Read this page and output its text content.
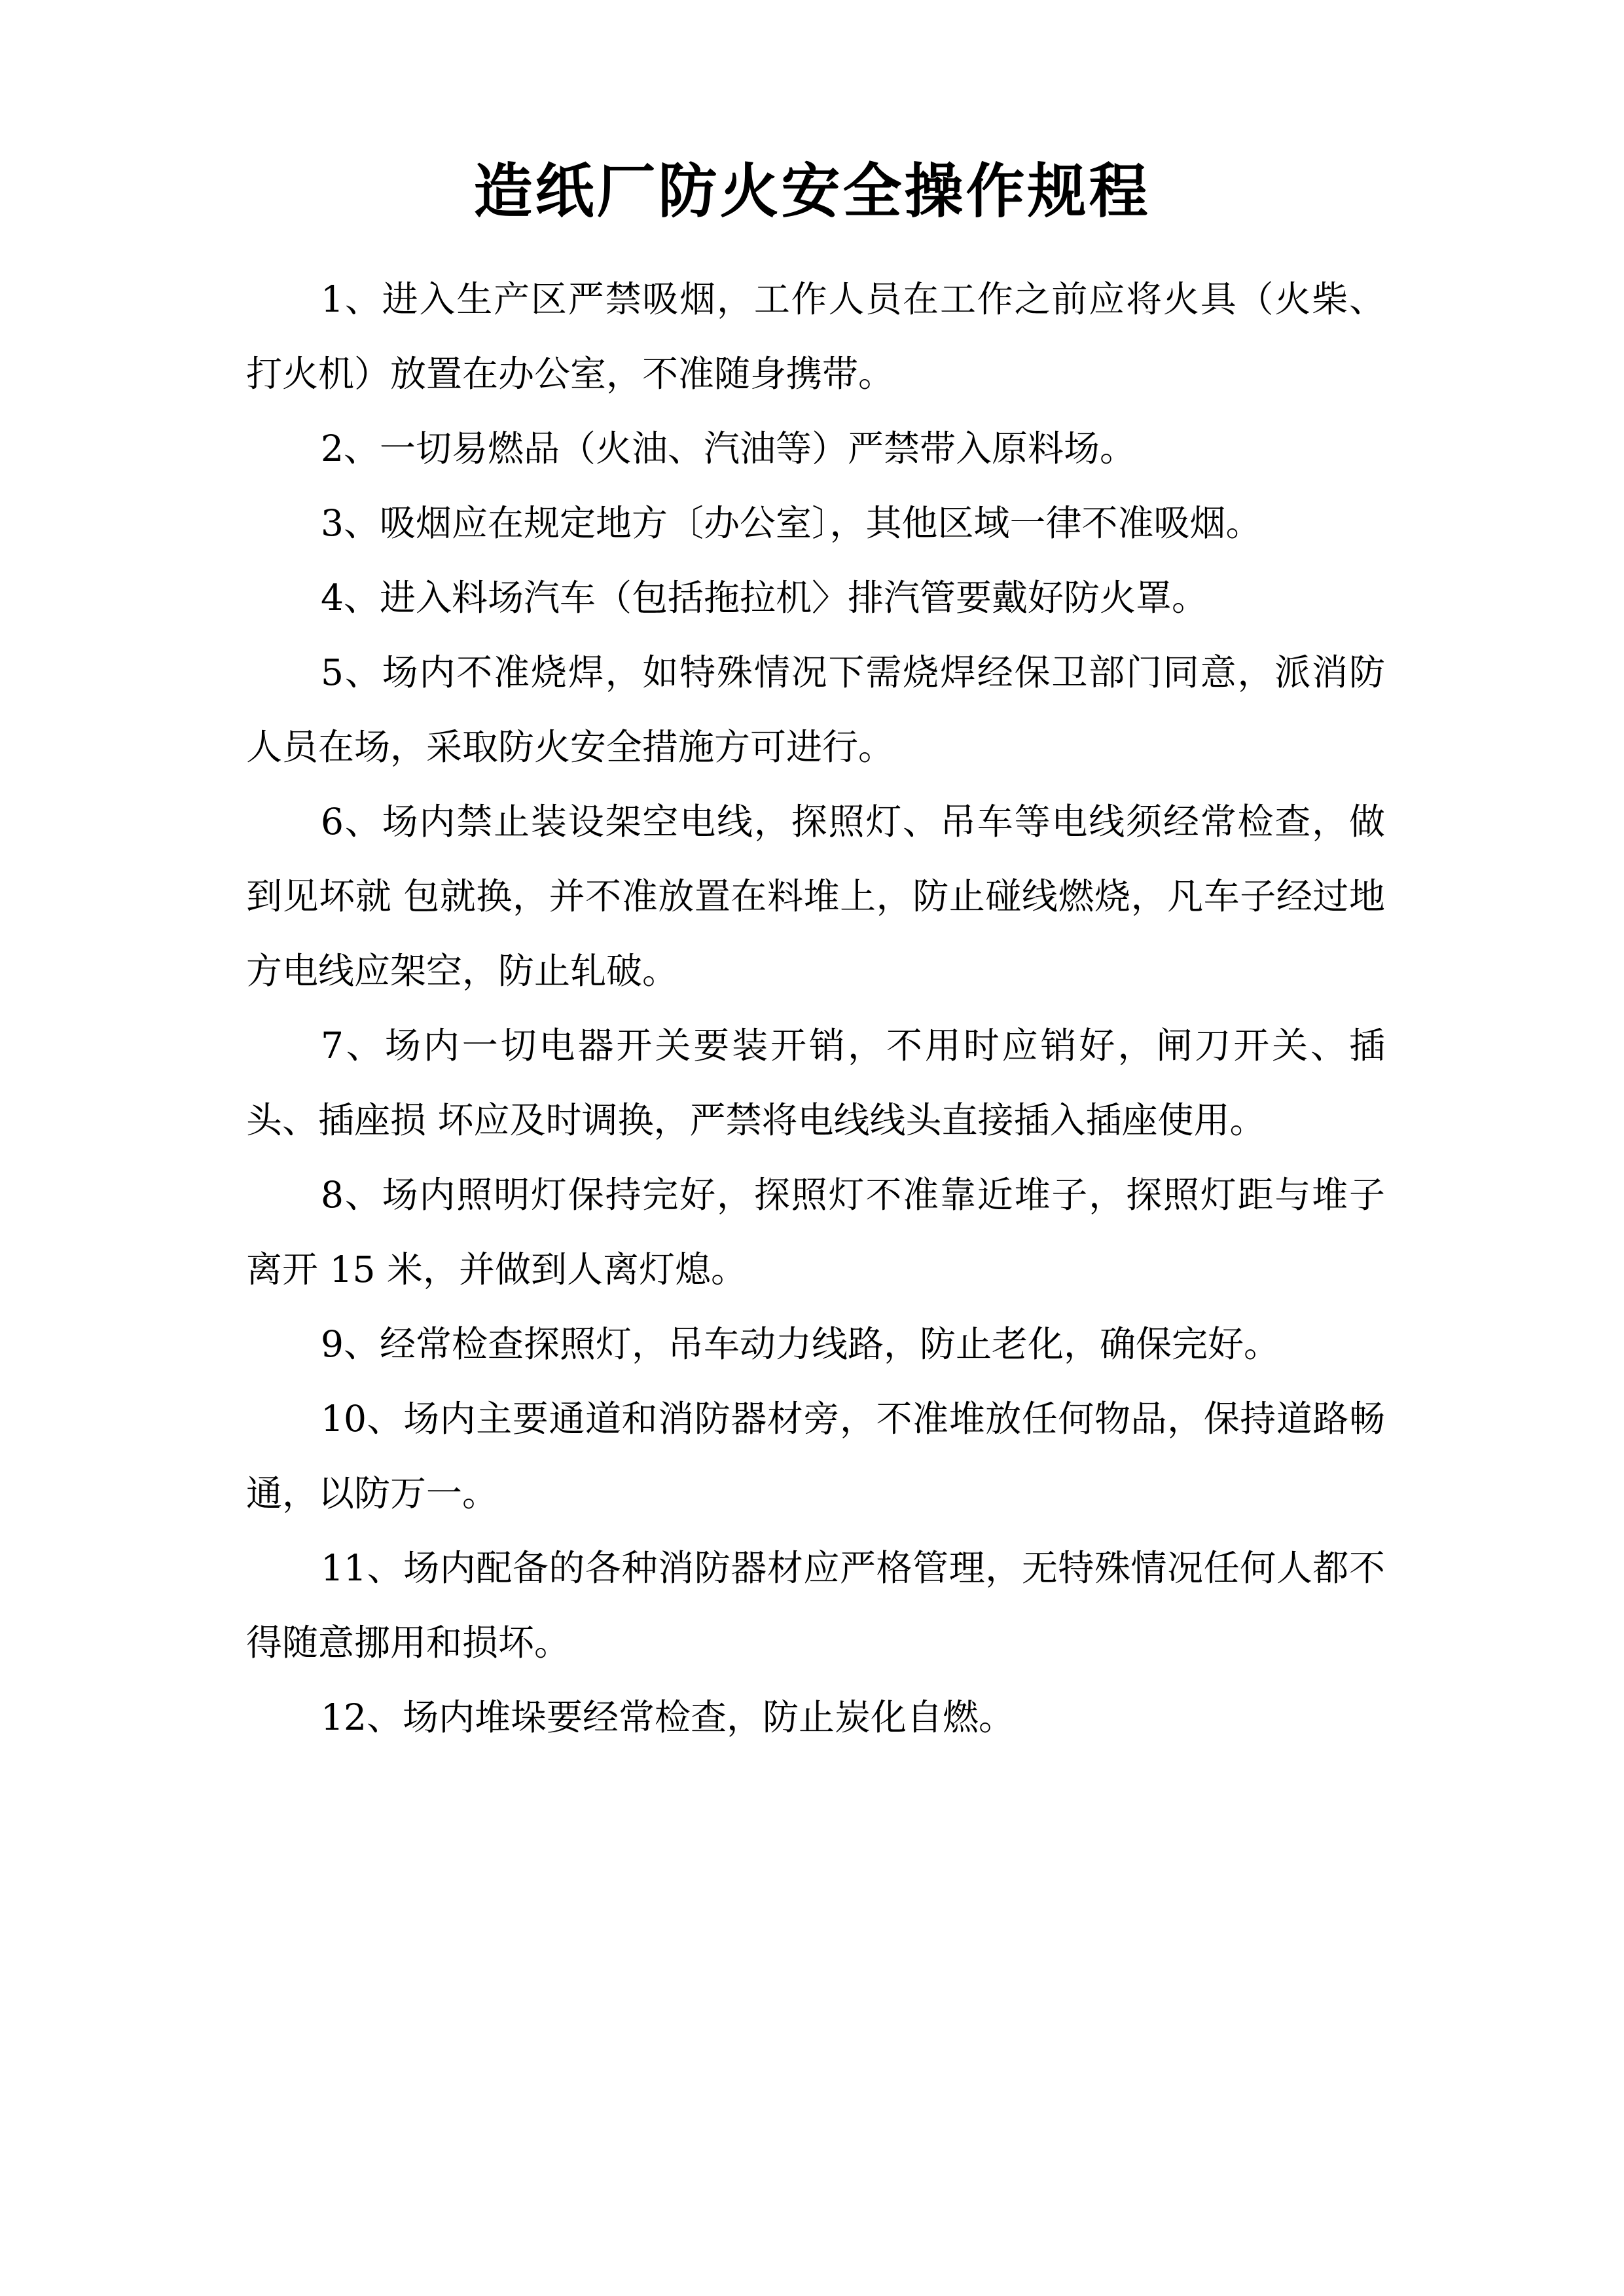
造纸厂防火安全操作规程

1、进入生产区严禁吸烟，工作人员在工作之前应将火具（火柴、打火机）放置在办公室，不准随身携带。

2、一切易燃品（火油、汽油等）严禁带入原料场。

3、吸烟应在规定地方〔办公室〕，其他区域一律不准吸烟。

4、进入料场汽车（包括拖拉机〉排汽管要戴好防火罩。

5、场内不准烧焊，如特殊情况下需烧焊经保卫部门同意，派消防人员在场，采取防火安全措施方可进行。

6、场内禁止装设架空电线，探照灯、吊车等电线须经常检查，做到见坏就 包就换，并不准放置在料堆上，防止碰线燃烧，凡车子经过地方电线应架空，防止轧破。

7、场内一切电器开关要装开销，不用时应销好，闸刀开关、插头、插座损 坏应及时调换，严禁将电线线头直接插入插座使用。

8、场内照明灯保持完好，探照灯不准靠近堆子，探照灯距与堆子离开 15 米，并做到人离灯熄。

9、经常检查探照灯，吊车动力线路，防止老化，确保完好。

10、场内主要通道和消防器材旁，不准堆放任何物品，保持道路畅通，以防万一。

11、场内配备的各种消防器材应严格管理，无特殊情况任何人都不得随意挪用和损坏。

12、场内堆垛要经常检查，防止炭化自燃。
